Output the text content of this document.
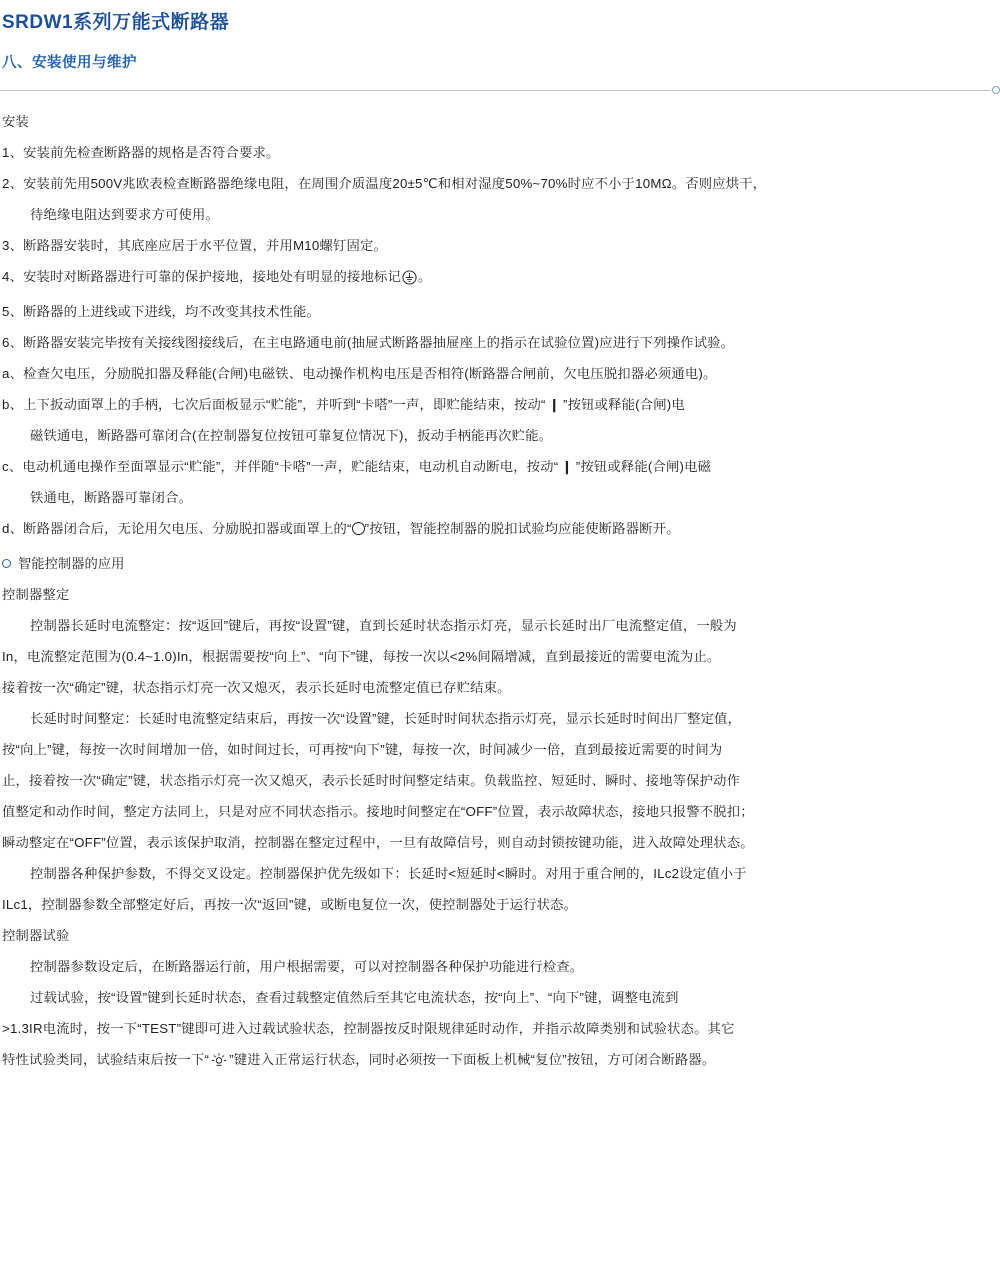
SRDW1系列万能式断路器
八、安装使用与维护

安装

1、安装前先检查断路器的规格是否符合要求。

2、安装前先用500V兆欧表检查断路器绝缘电阻，在周围介质温度20±5℃和相对湿度50%~70%时应不小于10MΩ。否则应烘干，

待绝缘电阻达到要求方可使用。

3、断路器安装时，其底座应居于水平位置，并用M10螺钉固定。

4、安装时对断路器进行可靠的保护接地，接地处有明显的接地标记 。

5、断路器的上进线或下进线，均不改变其技术性能。

6、断路器安装完毕按有关接线图接线后，在主电路通电前(抽屉式断路器抽屉座上的指示在试验位置)应进行下列操作试验。

a、检查欠电压，分励脱扣器及释能(合闸)电磁铁、电动操作机构电压是否相符(断路器合闸前，欠电压脱扣器必须通电)。

b、上下扳动面罩上的手柄，七次后面板显示“贮能”，并听到“卡嗒”一声，即贮能结束，按动“ ❙ ”按钮或释能(合闸)电

磁铁通电，断路器可靠闭合(在控制器复位按钮可靠复位情况下)，扳动手柄能再次贮能。

c、电动机通电操作至面罩显示“贮能”，并伴随“卡嗒”一声，贮能结束，电动机自动断电，按动“ ❙ ”按钮或释能(合闸)电磁

铁通电，断路器可靠闭合。

d、断路器闭合后，无论用欠电压、分励脱扣器或面罩上的“ ”按钮，智能控制器的脱扣试验均应能使断路器断开。

智能控制器的应用

控制器整定

控制器长延时电流整定：按“返回”键后，再按“设置”键，直到长延时状态指示灯亮，显示长延时出厂电流整定值，一般为

In，电流整定范围为(0.4~1.0)In，根据需要按“向上”、“向下”键，每按一次以<2%间隔增减，直到最接近的需要电流为止。

接着按一次“确定”键，状态指示灯亮一次又熄灭，表示长延时电流整定值已存贮结束。

长延时时间整定：长延时电流整定结束后，再按一次“设置”键，长延时时间状态指示灯亮，显示长延时时间出厂整定值，

按“向上”键，每按一次时间增加一倍，如时间过长，可再按“向下”键，每按一次，时间减少一倍，直到最接近需要的时间为

止，接着按一次“确定”键，状态指示灯亮一次又熄灭，表示长延时时间整定结束。负载监控、短延时、瞬时、接地等保护动作

值整定和动作时间，整定方法同上，只是对应不同状态指示。接地时间整定在“OFF”位置，表示故障状态，接地只报警不脱扣；

瞬动整定在“OFF”位置，表示该保护取消，控制器在整定过程中，一旦有故障信号，则自动封锁按键功能，进入故障处理状态。

控制器各种保护参数，不得交叉设定。控制器保护优先级如下：长延时<短延时<瞬时。对用于重合闸的，ILc2设定值小于

ILc1，控制器参数全部整定好后，再按一次“返回”键，或断电复位一次，使控制器处于运行状态。

控制器试验

控制器参数设定后，在断路器运行前，用户根据需要，可以对控制器各种保护功能进行检查。

过载试验，按“设置”键到长延时状态，查看过载整定值然后至其它电流状态，按“向上”、“向下”键，调整电流到

>1.3IR电流时，按一下“TEST”键即可进入过载试验状态，控制器按反时限规律延时动作，并指示故障类别和试验状态。其它

特性试验类同，试验结束后按一下“ ”键进入正常运行状态，同时必须按一下面板上机械“复位”按钮，方可闭合断路器。
